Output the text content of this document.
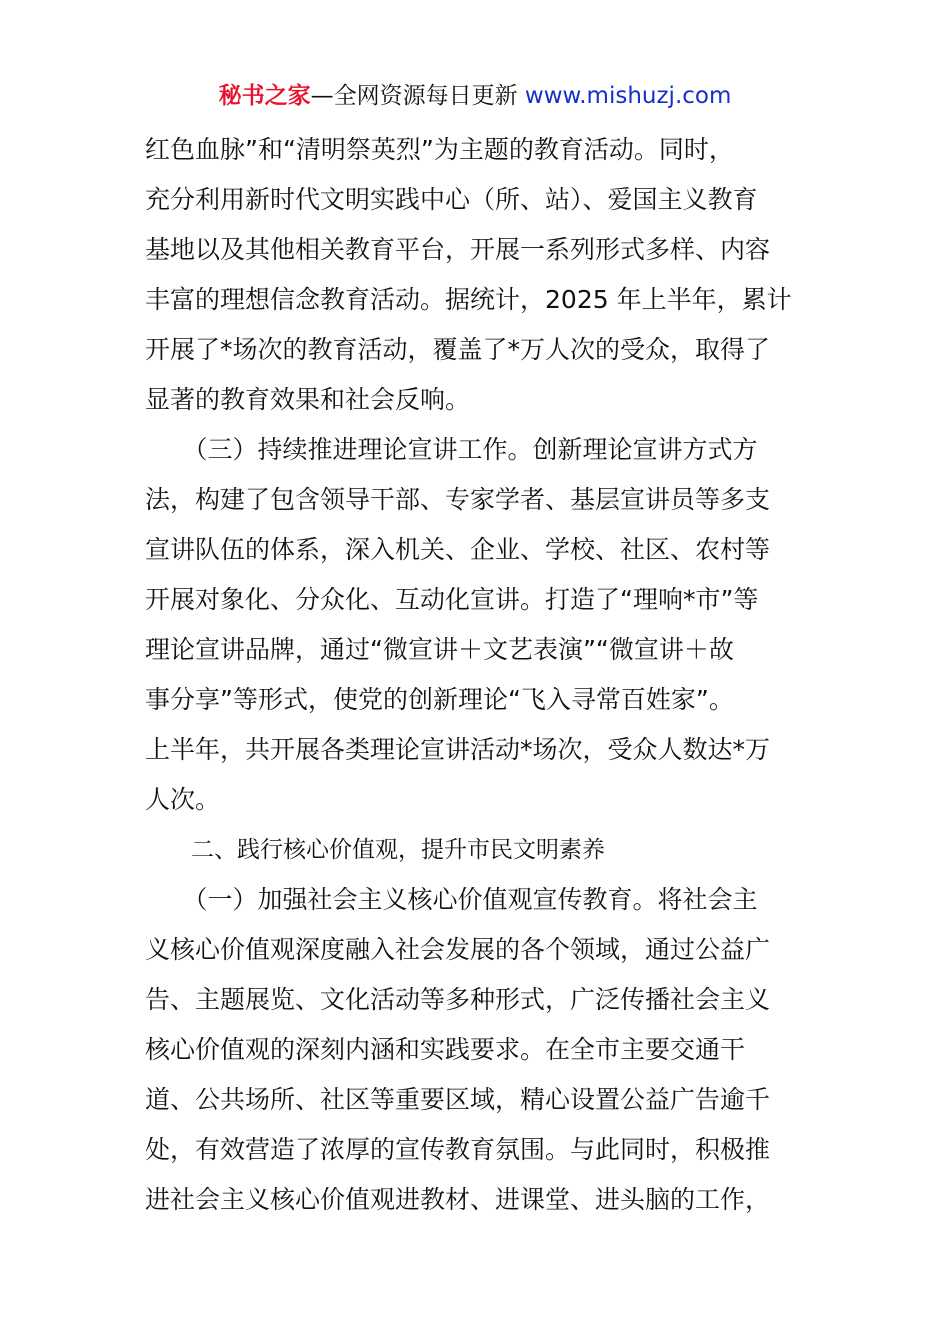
秘书之家—全网资源每日更新 www.mishuzj.com
红色血脉”和“清明祭英烈”为主题的教育活动。同时，
充分利用新时代文明实践中心（所、站）、爱国主义教育
基地以及其他相关教育平台，开展一系列形式多样、内容
丰富的理想信念教育活动。据统计，2025 年上半年，累计
开展了*场次的教育活动，覆盖了*万人次的受众，取得了
显著的教育效果和社会反响。
　　（三）持续推进理论宣讲工作。创新理论宣讲方式方
法，构建了包含领导干部、专家学者、基层宣讲员等多支
宣讲队伍的体系，深入机关、企业、学校、社区、农村等
开展对象化、分众化、互动化宣讲。打造了“理响*市”等
理论宣讲品牌，通过“微宣讲＋文艺表演”“微宣讲＋故
事分享”等形式，使党的创新理论“飞入寻常百姓家”。
上半年，共开展各类理论宣讲活动*场次，受众人数达*万
人次。
　　二、践行核心价值观，提升市民文明素养
　　（一）加强社会主义核心价值观宣传教育。将社会主
义核心价值观深度融入社会发展的各个领域，通过公益广
告、主题展览、文化活动等多种形式，广泛传播社会主义
核心价值观的深刻内涵和实践要求。在全市主要交通干
道、公共场所、社区等重要区域，精心设置公益广告逾千
处，有效营造了浓厚的宣传教育氛围。与此同时，积极推
进社会主义核心价值观进教材、进课堂、进头脑的工作，
